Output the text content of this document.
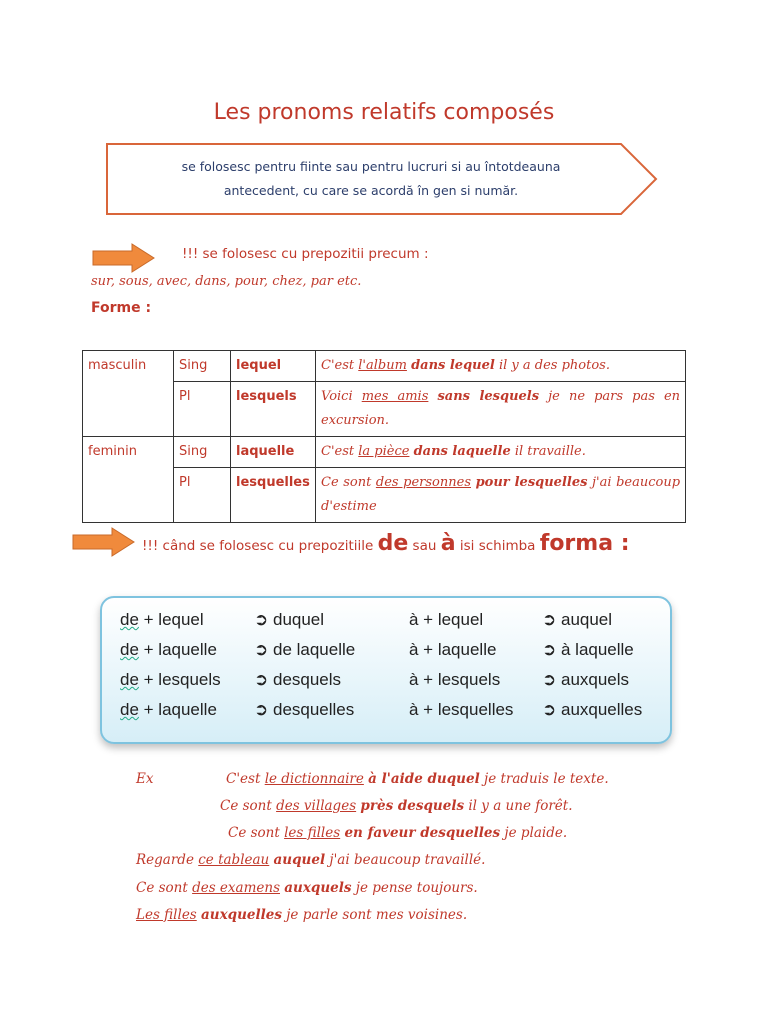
Les pronoms relatifs composés
se folosesc pentru fiinte sau pentru lucruri si au întotdeauna
antecedent, cu care se acordă în gen si număr.
!!! se folosesc cu prepozitii precum :
sur, sous, avec, dans, pour, chez, par etc.
Forme :
masculin	Sing	lequel	C'est l'album dans lequel il y a des photos.
	Pl	lesquels	Voici mes amis sans lesquels je ne pars pas en excursion.
feminin	Sing	laquelle	C'est la pièce dans laquelle il travaille.
	Pl	lesquelles	Ce sont des personnes pour lesquelles j'ai beaucoup d'estime
!!! când se folosesc cu prepozitiile de sau à isi schimba forma :
de + lequel	➲ duquel	à + lequel	➲ auquel
de + laquelle ➲ de laquelle	à + laquelle	➲ à laquelle
de + lesquels ➲ desquels	à + lesquels ➲ auxquels
de + laquelle ➲ desquelles	à + lesquelles ➲ auxquelles
Ex	C'est le dictionnaire à l'aide duquel je traduis le texte.
Ce sont des villages près desquels il y a une forêt.
Ce sont les filles en faveur desquelles je plaide.
Regarde ce tableau auquel j'ai beaucoup travaillé.
Ce sont des examens auxquels je pense toujours.
Les filles auxquelles je parle sont mes voisines.
